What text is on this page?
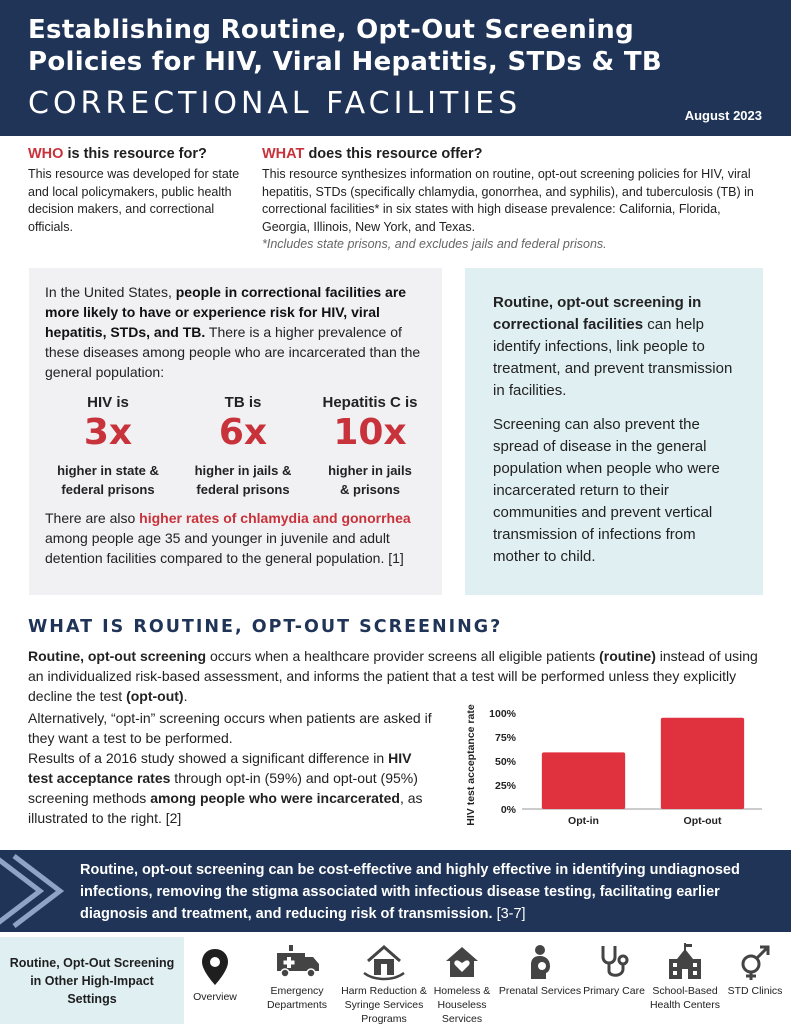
Establishing Routine, Opt-Out Screening
Policies for HIV, Viral Hepatitis, STDs & TB
CORRECTIONAL FACILITIES	August 2023
WHO is this resource for?
This resource was developed for state and local policymakers, public health decision makers, and correctional officials.
WHAT does this resource offer?
This resource synthesizes information on routine, opt-out screening policies for HIV, viral hepatitis, STDs (specifically chlamydia, gonorrhea, and syphilis), and tuberculosis (TB) in correctional facilities* in six states with high disease prevalence: California, Florida, Georgia, Illinois, New York, and Texas.
*Includes state prisons, and excludes jails and federal prisons.
In the United States, people in correctional facilities are more likely to have or experience risk for HIV, viral hepatitis, STDs, and TB. There is a higher prevalence of these diseases among people who are incarcerated than the general population:
HIV is
3x
higher in state &
federal prisons
TB is
6x
higher in jails &
federal prisons
Hepatitis C is
10x
higher in jails
& prisons
There are also higher rates of chlamydia and gonorrhea among people age 35 and younger in juvenile and adult detention facilities compared to the general population. [1]
Routine, opt-out screening in correctional facilities can help identify infections, link people to treatment, and prevent transmission in facilities.
Screening can also prevent the spread of disease in the general population when people who were incarcerated return to their communities and prevent vertical transmission of infections from mother to child.
WHAT IS ROUTINE, OPT-OUT SCREENING?
Routine, opt-out screening occurs when a healthcare provider screens all eligible patients (routine) instead of using an individualized risk-based assessment, and informs the patient that a test will be performed unless they explicitly decline the test (opt-out).
Alternatively, “opt-in” screening occurs when patients are asked if they want a test to be performed.
Results of a 2016 study showed a significant difference in HIV test acceptance rates through opt-in (59%) and opt-out (95%) screening methods among people who were incarcerated, as illustrated to the right. [2]	HIV test acceptance rate 0%
25%
50%
75%
100%
Opt-in	Opt-out
Routine, opt-out screening can be cost-effective and highly effective in identifying undiagnosed infections, removing the stigma associated with infectious disease testing, facilitating earlier diagnosis and treatment, and reducing risk of transmission. [3-7]
Routine, Opt-Out Screening in Other High-Impact Settings	Overview	Emergency Departments
Harm Reduction & Syringe Services Programs
Homeless & Houseless Services
Prenatal Services Primary Care School-Based Health Centers
STD Clinics
